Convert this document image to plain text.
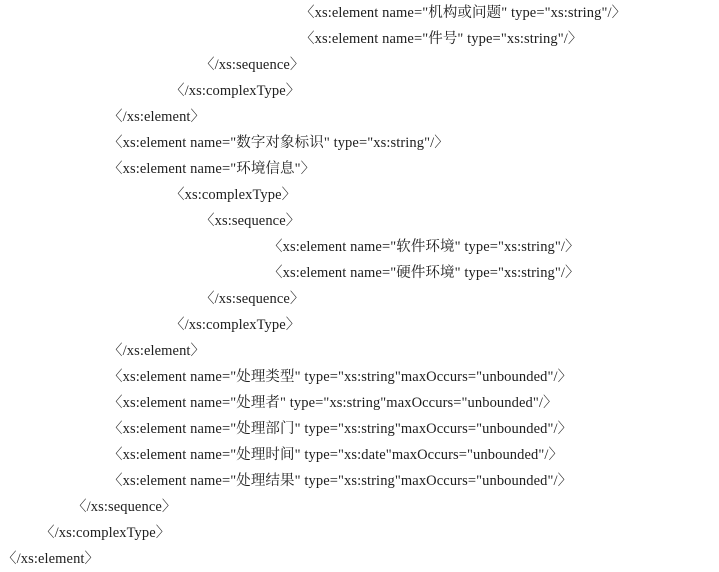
〈xs:element name="机构或问题" type="xs:string"/〉
〈xs:element name="件号" type="xs:string"/〉
〈/xs:sequence〉
〈/xs:complexType〉
〈/xs:element〉
〈xs:element name="数字对象标识" type="xs:string"/〉
〈xs:element name="环境信息"〉
〈xs:complexType〉
〈xs:sequence〉
〈xs:element name="软件环境" type="xs:string"/〉
〈xs:element name="硬件环境" type="xs:string"/〉
〈/xs:sequence〉
〈/xs:complexType〉
〈/xs:element〉
〈xs:element name="处理类型" type="xs:string"maxOccurs="unbounded"/〉
〈xs:element name="处理者" type="xs:string"maxOccurs="unbounded"/〉
〈xs:element name="处理部门" type="xs:string"maxOccurs="unbounded"/〉
〈xs:element name="处理时间" type="xs:date"maxOccurs="unbounded"/〉
〈xs:element name="处理结果" type="xs:string"maxOccurs="unbounded"/〉
〈/xs:sequence〉
〈/xs:complexType〉
〈/xs:element〉
